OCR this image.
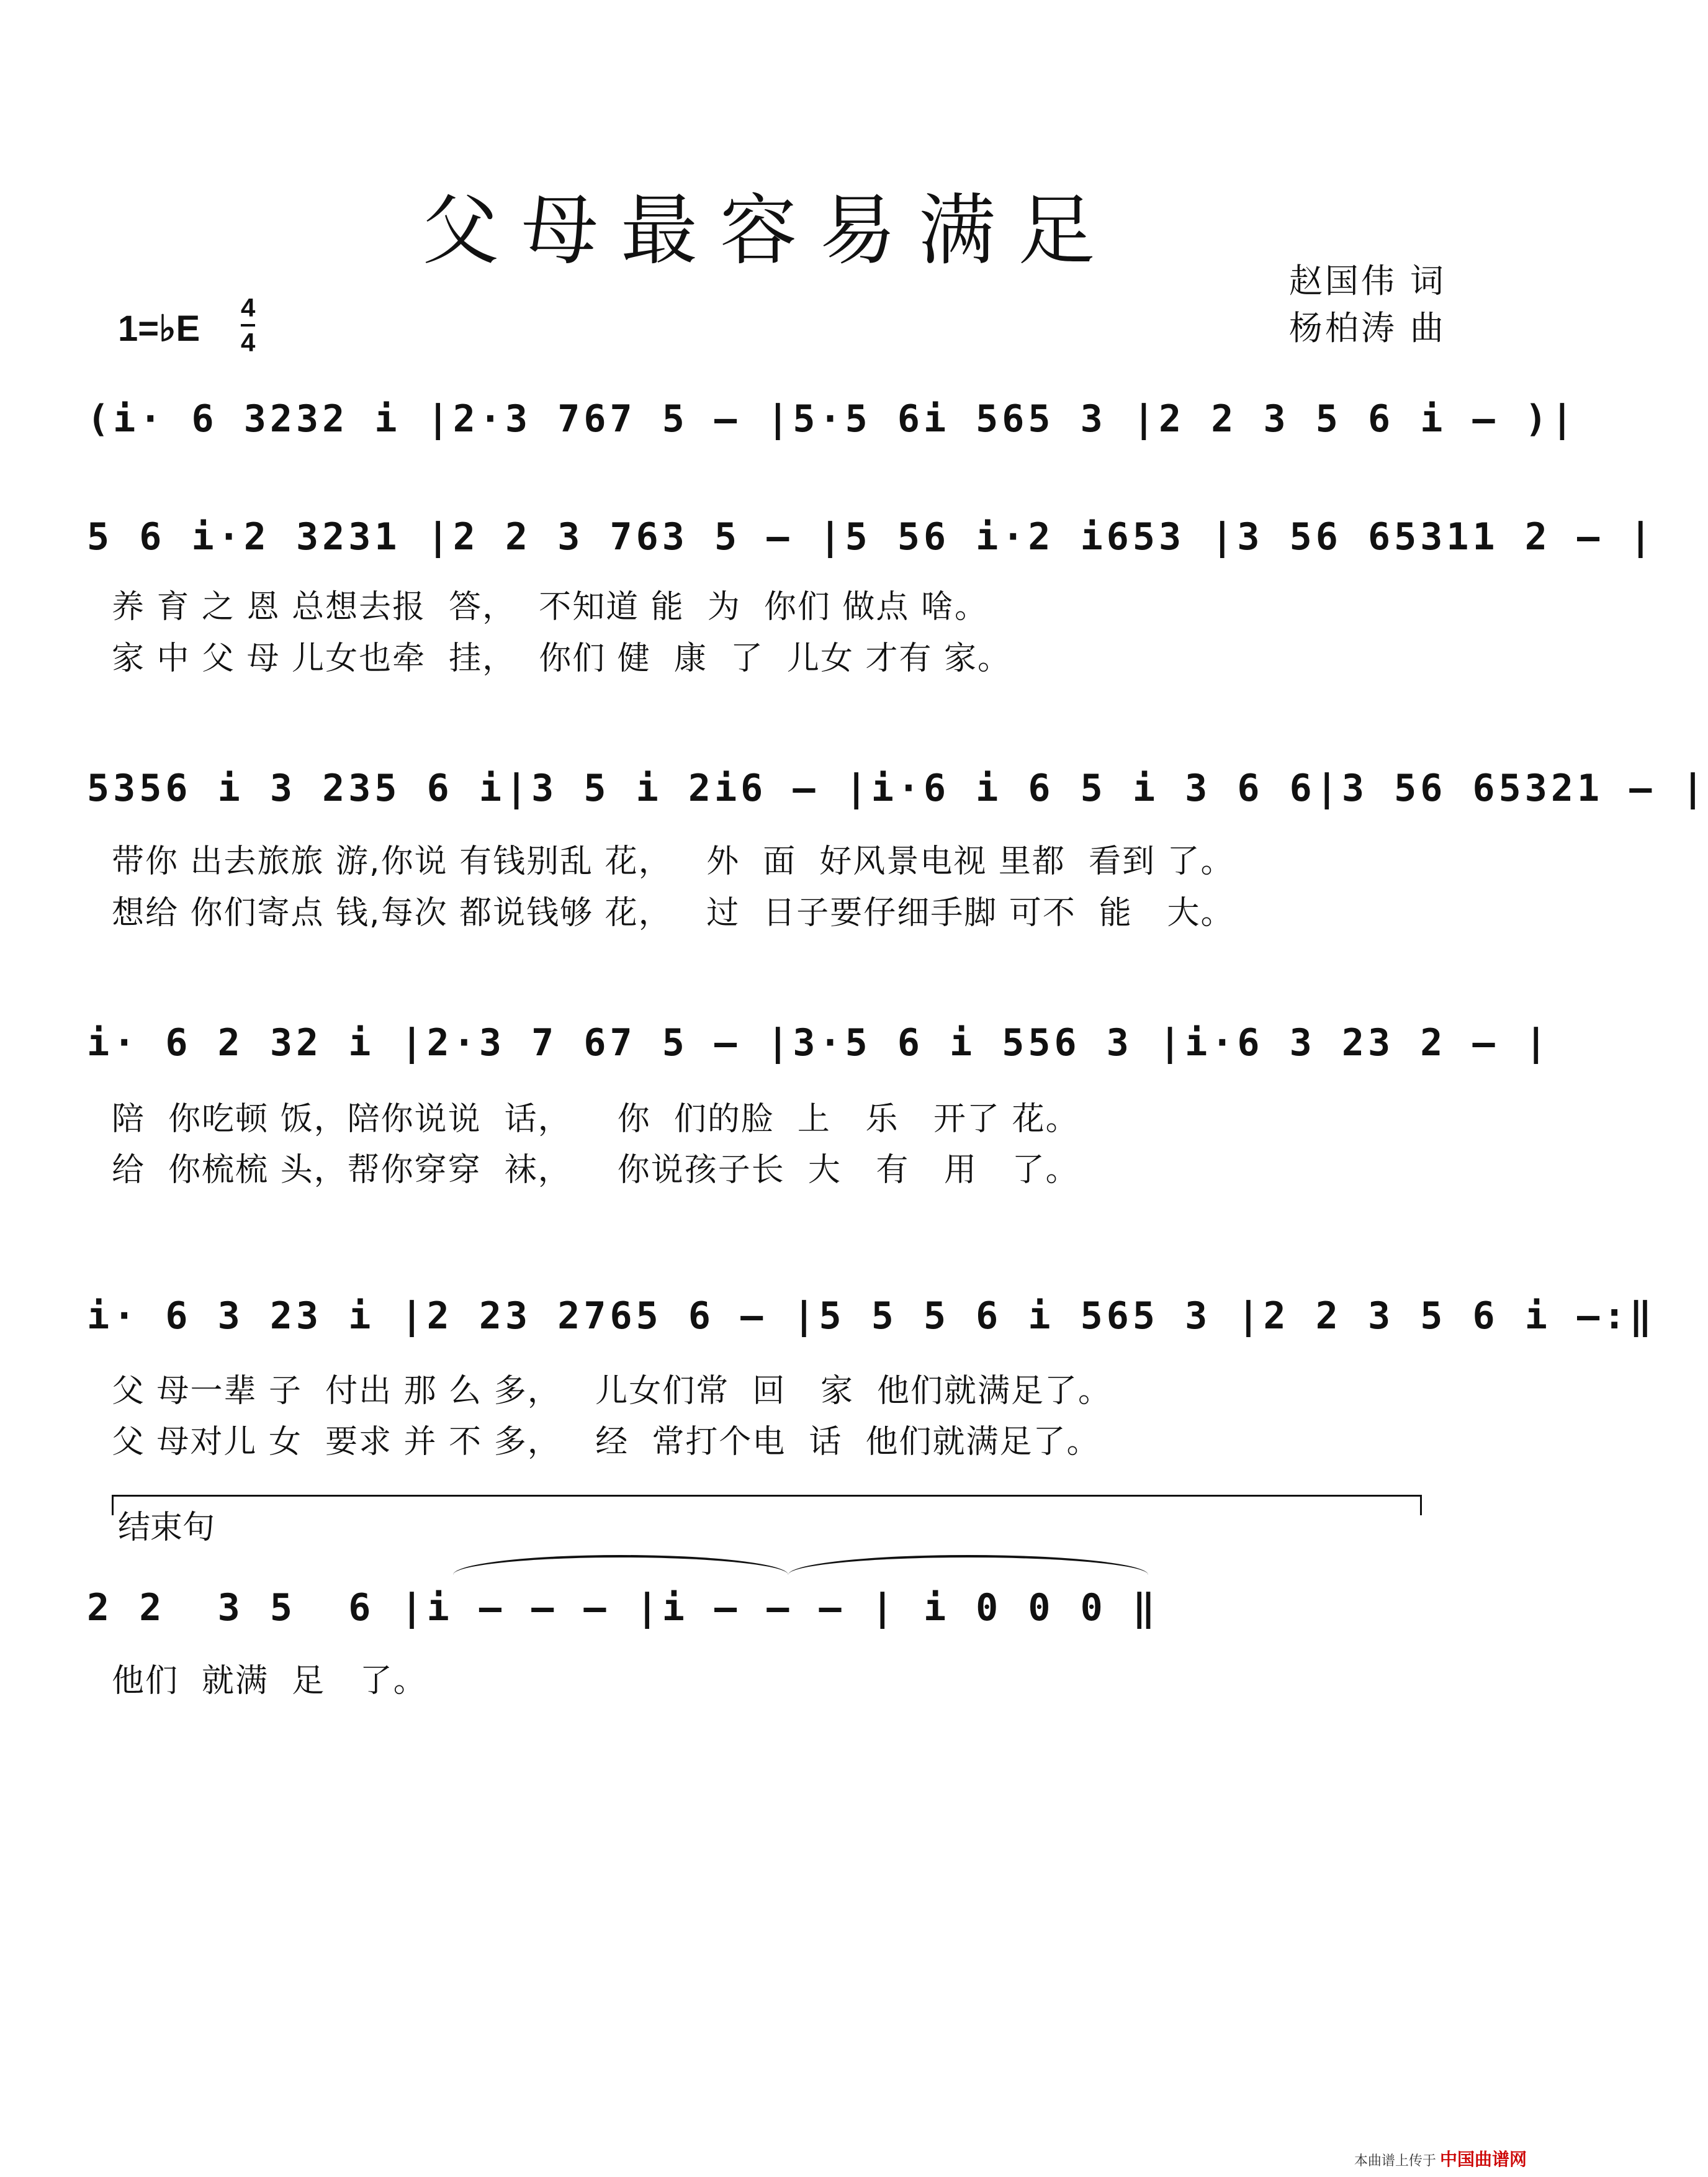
父母最容易满足
赵国伟 词
杨柏涛 曲
1=♭E $\frac{4}{4}$
(i· 6 3232 i |2·3 767 5 – |5·5 6i 565 3 |2 2 3 5 6 i – )|
5 6 i·2 3231 |2 2 3 763 5 – |5 56 i·2 i653 |3 56 65311 2 – |
养 育 之 恩 总想去报  答，  不知道 能  为  你们 做点 啥。
家 中 父 母 儿女也牵  挂，  你们 健  康  了  儿女 才有 家。
5356 i 3 235 6 i|3 5 i 2i6 – |i·6 i 6 5 i 3 6 6|3 56 65321 – |
带你 出去旅旅 游,你说 有钱别乱 花，   外  面  好风景电视 里都  看到 了。
想给 你们寄点 钱,每次 都说钱够 花，   过  日子要仔细手脚 可不  能   大。
i· 6 2 32 i |2·3 7 67 5 – |3·5 6 i 556 3 |i·6 3 23 2 – |
陪  你吃顿 饭，陪你说说  话，    你  们的脸  上   乐   开了 花。
给  你梳梳 头，帮你穿穿  袜，    你说孩子长  大   有   用   了。
i· 6 3 23 i |2 23 2765 6 – |5 5 5 6 i 565 3 |2 2 3 5 6 i –:‖
父 母一辈 子  付出 那 么 多，   儿女们常  回   家  他们就满足了。
父 母对儿 女  要求 并 不 多，   经  常打个电  话  他们就满足了。
结束句
2 2  3 5  6 |i – – – |i – – – | i 0 0 0 ‖
他们  就满  足   了。
本曲谱上传于 中国曲谱网
